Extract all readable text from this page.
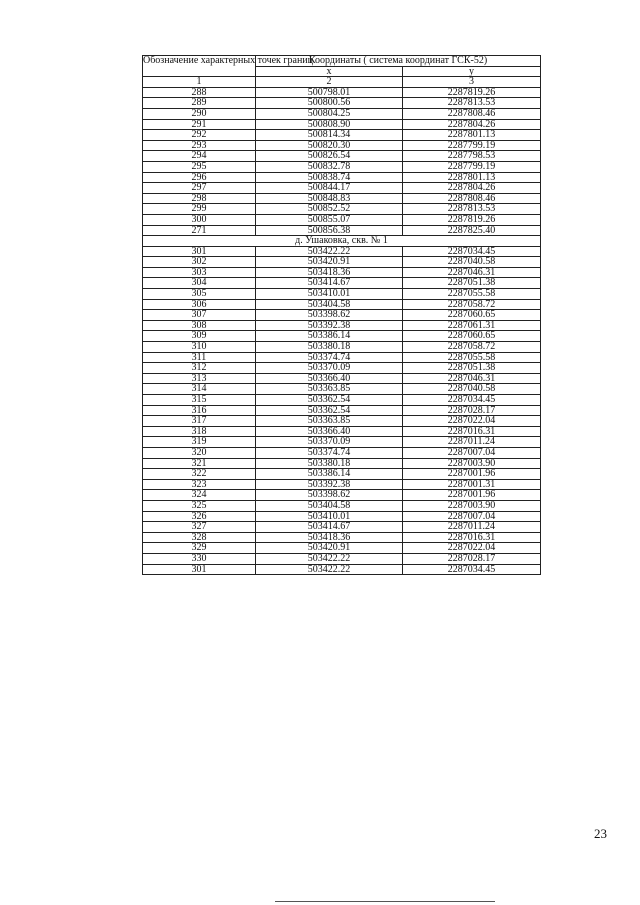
Обозначение характерных точек границ	Координаты ( система координат ГСК-52)	
	x	y
1	2	3
288	500798.01	2287819.26
289	500800.56	2287813.53
290	500804.25	2287808.46
291	500808.90	2287804.26
292	500814.34	2287801.13
293	500820.30	2287799.19
294	500826.54	2287798.53
295	500832.78	2287799.19
296	500838.74	2287801.13
297	500844.17	2287804.26
298	500848.83	2287808.46
299	500852.52	2287813.53
300	500855.07	2287819.26
271	500856.38	2287825.40
д. Ушаковка, скв. № 1		
301	503422.22	2287034.45
302	503420.91	2287040.58
303	503418.36	2287046.31
304	503414.67	2287051.38
305	503410.01	2287055.58
306	503404.58	2287058.72
307	503398.62	2287060.65
308	503392.38	2287061.31
309	503386.14	2287060.65
310	503380.18	2287058.72
311	503374.74	2287055.58
312	503370.09	2287051.38
313	503366.40	2287046.31
314	503363.85	2287040.58
315	503362.54	2287034.45
316	503362.54	2287028.17
317	503363.85	2287022.04
318	503366.40	2287016.31
319	503370.09	2287011.24
320	503374.74	2287007.04
321	503380.18	2287003.90
322	503386.14	2287001.96
323	503392.38	2287001.31
324	503398.62	2287001.96
325	503404.58	2287003.90
326	503410.01	2287007.04
327	503414.67	2287011.24
328	503418.36	2287016.31
329	503420.91	2287022.04
330	503422.22	2287028.17
301	503422.22	2287034.45
23
